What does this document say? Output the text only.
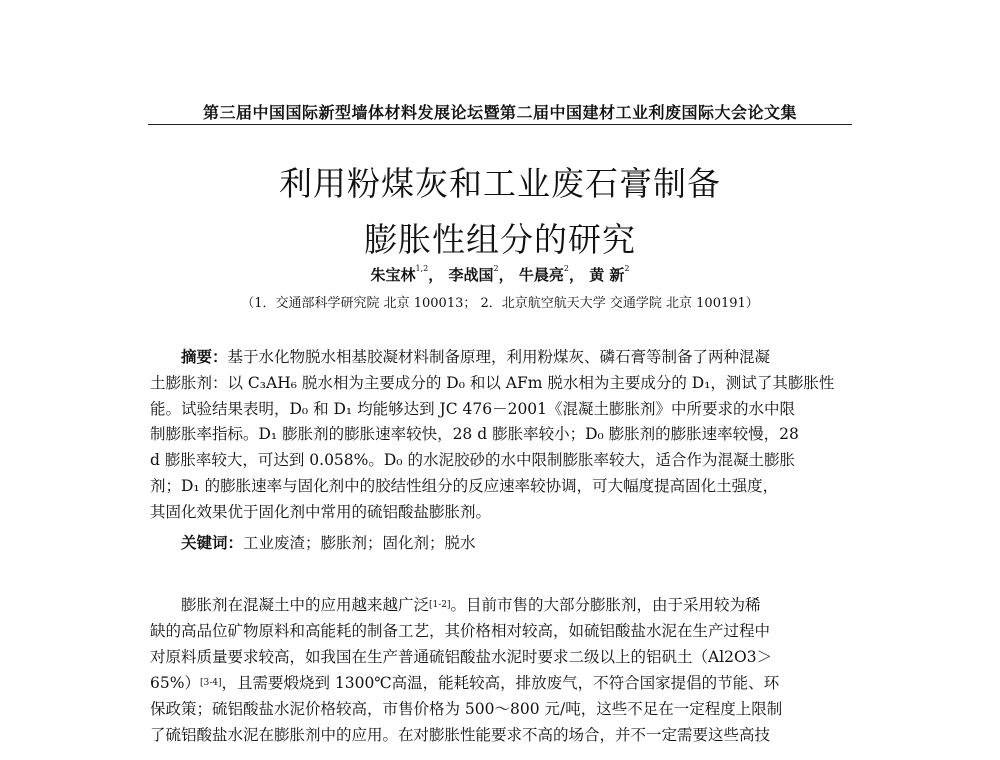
第三届中国国际新型墙体材料发展论坛暨第二届中国建材工业利废国际大会论文集
利用粉煤灰和工业废石膏制备
膨胀性组分的研究
朱宝林$^{1,2}$， 李战国$^2$， 牛晨亮$^2$， 黄 新$^2$
（1．交通部科学研究院 北京 100013； 2．北京航空航天大学 交通学院 北京 100191）
摘要：基于水化物脱水相基胶凝材料制备原理，利用粉煤灰、磷石膏等制备了两种混凝
土膨胀剂：以 C₃AH₆ 脱水相为主要成分的 D₀ 和以 AFm 脱水相为主要成分的 D₁，测试了其膨胀性
能。试验结果表明，D₀ 和 D₁ 均能够达到 JC 476－2001《混凝土膨胀剂》中所要求的水中限
制膨胀率指标。D₁ 膨胀剂的膨胀速率较快，28 d 膨胀率较小；D₀ 膨胀剂的膨胀速率较慢，28
d 膨胀率较大，可达到 0.058%。D₀ 的水泥胶砂的水中限制膨胀率较大，适合作为混凝土膨胀
剂；D₁ 的膨胀速率与固化剂中的胶结性组分的反应速率较协调，可大幅度提高固化土强度，
其固化效果优于固化剂中常用的硫铝酸盐膨胀剂。
关键词：工业废渣；膨胀剂；固化剂；脱水
膨胀剂在混凝土中的应用越来越广泛[1-2]。目前市售的大部分膨胀剂，由于采用较为稀
缺的高品位矿物原料和高能耗的制备工艺，其价格相对较高，如硫铝酸盐水泥在生产过程中
对原料质量要求较高，如我国在生产普通硫铝酸盐水泥时要求二级以上的铝矾土（Al2O3＞
65%）[3-4]，且需要煅烧到 1300℃高温，能耗较高，排放废气，不符合国家提倡的节能、环
保政策；硫铝酸盐水泥价格较高，市售价格为 500～800 元/吨，这些不足在一定程度上限制
了硫铝酸盐水泥在膨胀剂中的应用。在对膨胀性能要求不高的场合，并不一定需要这些高技
